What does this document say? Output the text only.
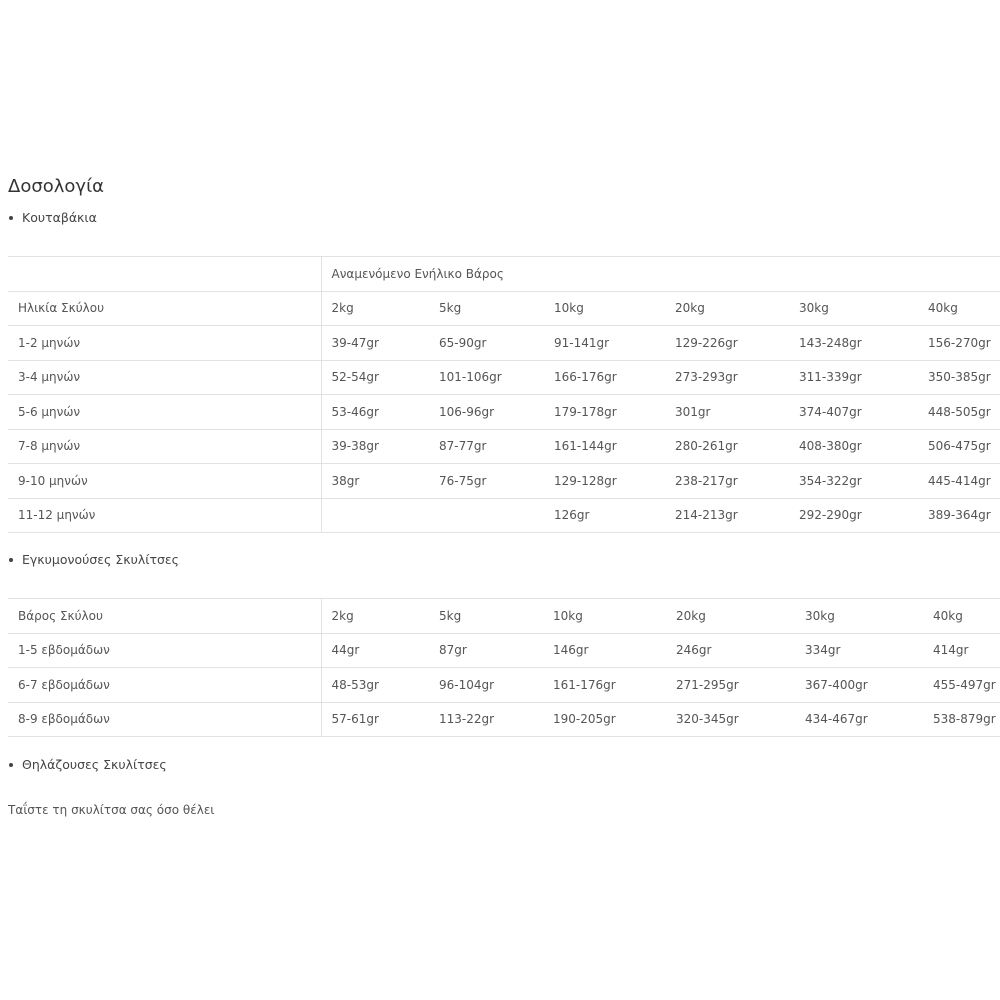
Δοσολογία
Κουταβάκια
	Αναμενόμενο Ενήλικο Βάρος					
Ηλικία Σκύλου	2kg	5kg	10kg	20kg	30kg	40kg
1-2 μηνών	39-47gr	65-90gr	91-141gr	129-226gr	143-248gr	156-270gr
3-4 μηνών	52-54gr	101-106gr	166-176gr	273-293gr	311-339gr	350-385gr
5-6 μηνών	53-46gr	106-96gr	179-178gr	301gr	374-407gr	448-505gr
7-8 μηνών	39-38gr	87-77gr	161-144gr	280-261gr	408-380gr	506-475gr
9-10 μηνών	38gr	76-75gr	129-128gr	238-217gr	354-322gr	445-414gr
11-12 μηνών			126gr	214-213gr	292-290gr	389-364gr
Εγκυμονούσες Σκυλίτσες
Βάρος Σκύλου	2kg	5kg	10kg	20kg	30kg	40kg
1-5 εβδομάδων	44gr	87gr	146gr	246gr	334gr	414gr
6-7 εβδομάδων	48-53gr	96-104gr	161-176gr	271-295gr	367-400gr	455-497gr
8-9 εβδομάδων	57-61gr	113-22gr	190-205gr	320-345gr	434-467gr	538-879gr
Θηλάζουσες Σκυλίτσες
Ταΐστε τη σκυλίτσα σας όσο θέλει
